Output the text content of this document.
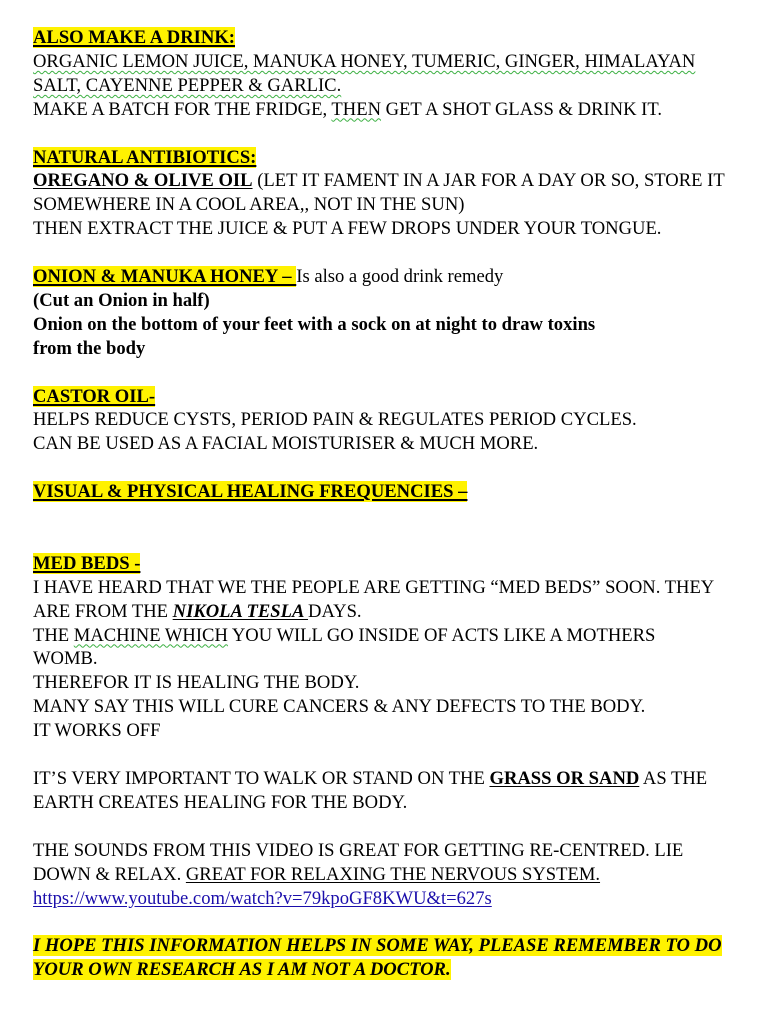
ALSO MAKE A DRINK:
ORGANIC LEMON JUICE, MANUKA HONEY, TUMERIC, GINGER, HIMALAYAN
SALT, CAYENNE PEPPER & GARLIC.
MAKE A BATCH FOR THE FRIDGE, THEN GET A SHOT GLASS & DRINK IT.
NATURAL ANTIBIOTICS:
OREGANO & OLIVE OIL (LET IT FAMENT IN A JAR FOR A DAY OR SO, STORE IT
SOMEWHERE IN A COOL AREA,, NOT IN THE SUN)
THEN EXTRACT THE JUICE & PUT A FEW DROPS UNDER YOUR TONGUE.
ONION & MANUKA HONEY – Is also a good drink remedy
(Cut an Onion in half)
Onion on the bottom of your feet with a sock on at night to draw toxins
from the body
CASTOR OIL-
HELPS REDUCE CYSTS, PERIOD PAIN & REGULATES PERIOD CYCLES.
CAN BE USED AS A FACIAL MOISTURISER & MUCH MORE.
VISUAL & PHYSICAL HEALING FREQUENCIES –
MED BEDS -
I HAVE HEARD THAT WE THE PEOPLE ARE GETTING “MED BEDS” SOON. THEY
ARE FROM THE NIKOLA TESLA DAYS.
THE MACHINE WHICH YOU WILL GO INSIDE OF ACTS LIKE A MOTHERS
WOMB.
THEREFOR IT IS HEALING THE BODY.
MANY SAY THIS WILL CURE CANCERS & ANY DEFECTS TO THE BODY.
IT WORKS OFF
IT’S VERY IMPORTANT TO WALK OR STAND ON THE GRASS OR SAND AS THE
EARTH CREATES HEALING FOR THE BODY.
THE SOUNDS FROM THIS VIDEO IS GREAT FOR GETTING RE-CENTRED. LIE
DOWN & RELAX. GREAT FOR RELAXING THE NERVOUS SYSTEM.
https://www.youtube.com/watch?v=79kpoGF8KWU&t=627s
I HOPE THIS INFORMATION HELPS IN SOME WAY, PLEASE REMEMBER TO DO
YOUR OWN RESEARCH AS I AM NOT A DOCTOR.
